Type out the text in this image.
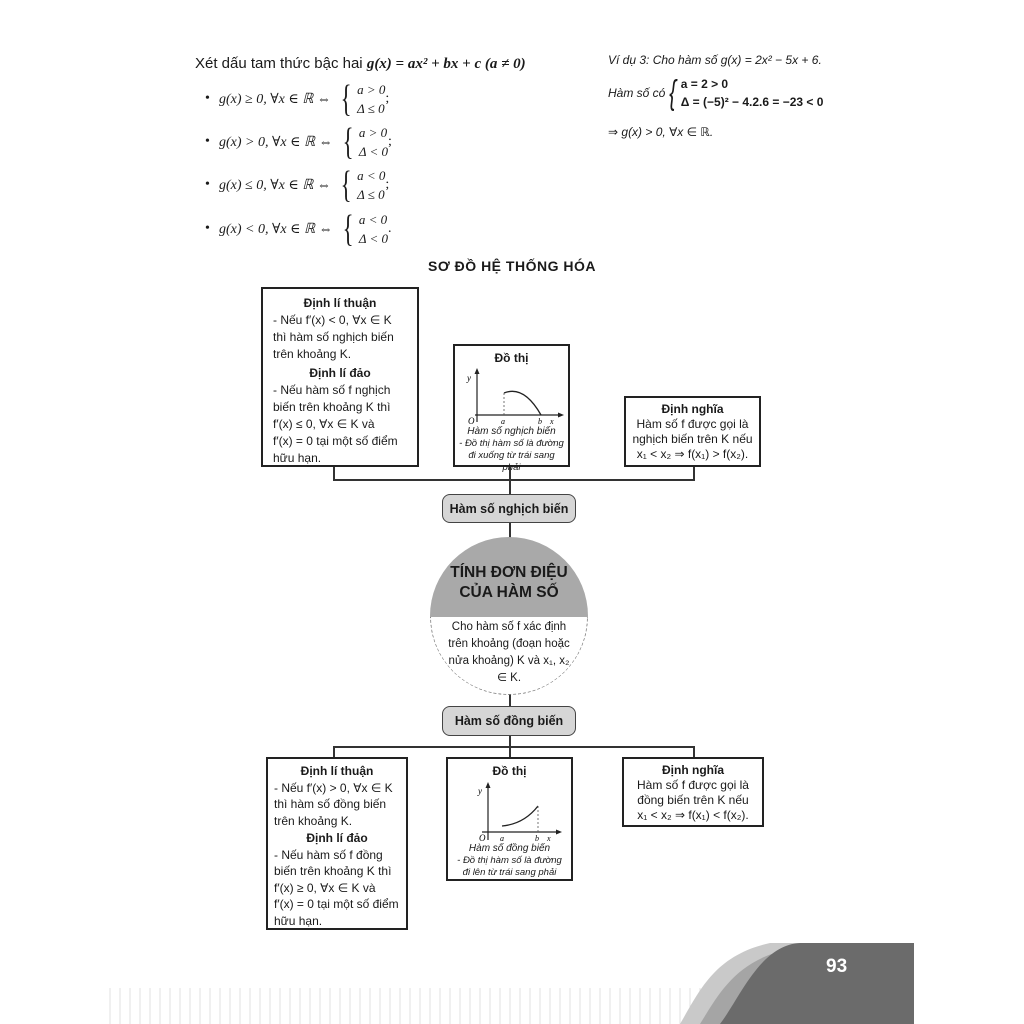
Xét dấu tam thức bậc hai g(x) = ax² + bx + c (a ≠ 0)
• g(x) ≥ 0, ∀x ∈ ℝ ⇔ { a > 0
Δ ≤ 0
;
• g(x) > 0, ∀x ∈ ℝ ⇔ { a > 0
Δ < 0
;
• g(x) ≤ 0, ∀x ∈ ℝ ⇔ { a < 0
Δ ≤ 0
;
• g(x) < 0, ∀x ∈ ℝ ⇔ { a < 0
Δ < 0
.
Ví dụ 3: Cho hàm số g(x) = 2x² − 5x + 6.
Hàm số có { a = 2 > 0
Δ = (−5)² − 4.2.6 = −23 < 0
⇒ g(x) > 0, ∀x ∈ ℝ.
SƠ ĐỒ HỆ THỐNG HÓA
Định lí thuận
- Nếu f′(x) < 0, ∀x ∈ K
thì hàm số nghịch biến
trên khoảng K.
Định lí đảo
- Nếu hàm số f nghịch
biến trên khoảng K thì
f′(x) ≤ 0, ∀x ∈ K và
f′(x) = 0 tại một số điểm
hữu hạn.
Đồ thị
y
O	a	b x
Hàm số nghịch biến
- Đồ thị hàm số là đường
đi xuống từ trái sang phải
Định nghĩa
Hàm số f được gọi là
nghịch biến trên K nếu
x₁ < x₂ ⇒ f(x₁) > f(x₂).
Hàm số nghịch biến
Hàm số đồng biến
TÍNH ĐƠN ĐIỆU
CỦA HÀM SỐ
Cho hàm số f xác định trên khoảng (đoạn hoặc nửa khoảng) K và x₁, x₂ ∈ K.
Định lí thuận
- Nếu f′(x) > 0, ∀x ∈ K
thì hàm số đồng biến
trên khoảng K.
Định lí đảo
- Nếu hàm số f đồng
biến trên khoảng K thì
f′(x) ≥ 0, ∀x ∈ K và
f′(x) = 0 tại một số điểm
hữu hạn.
Đồ thị
y
O a	b x
Hàm số đồng biến
- Đồ thị hàm số là đường
đi lên từ trái sang phải
Định nghĩa
Hàm số f được gọi là
đồng biến trên K nếu
x₁ < x₂ ⇒ f(x₁) < f(x₂).
93
